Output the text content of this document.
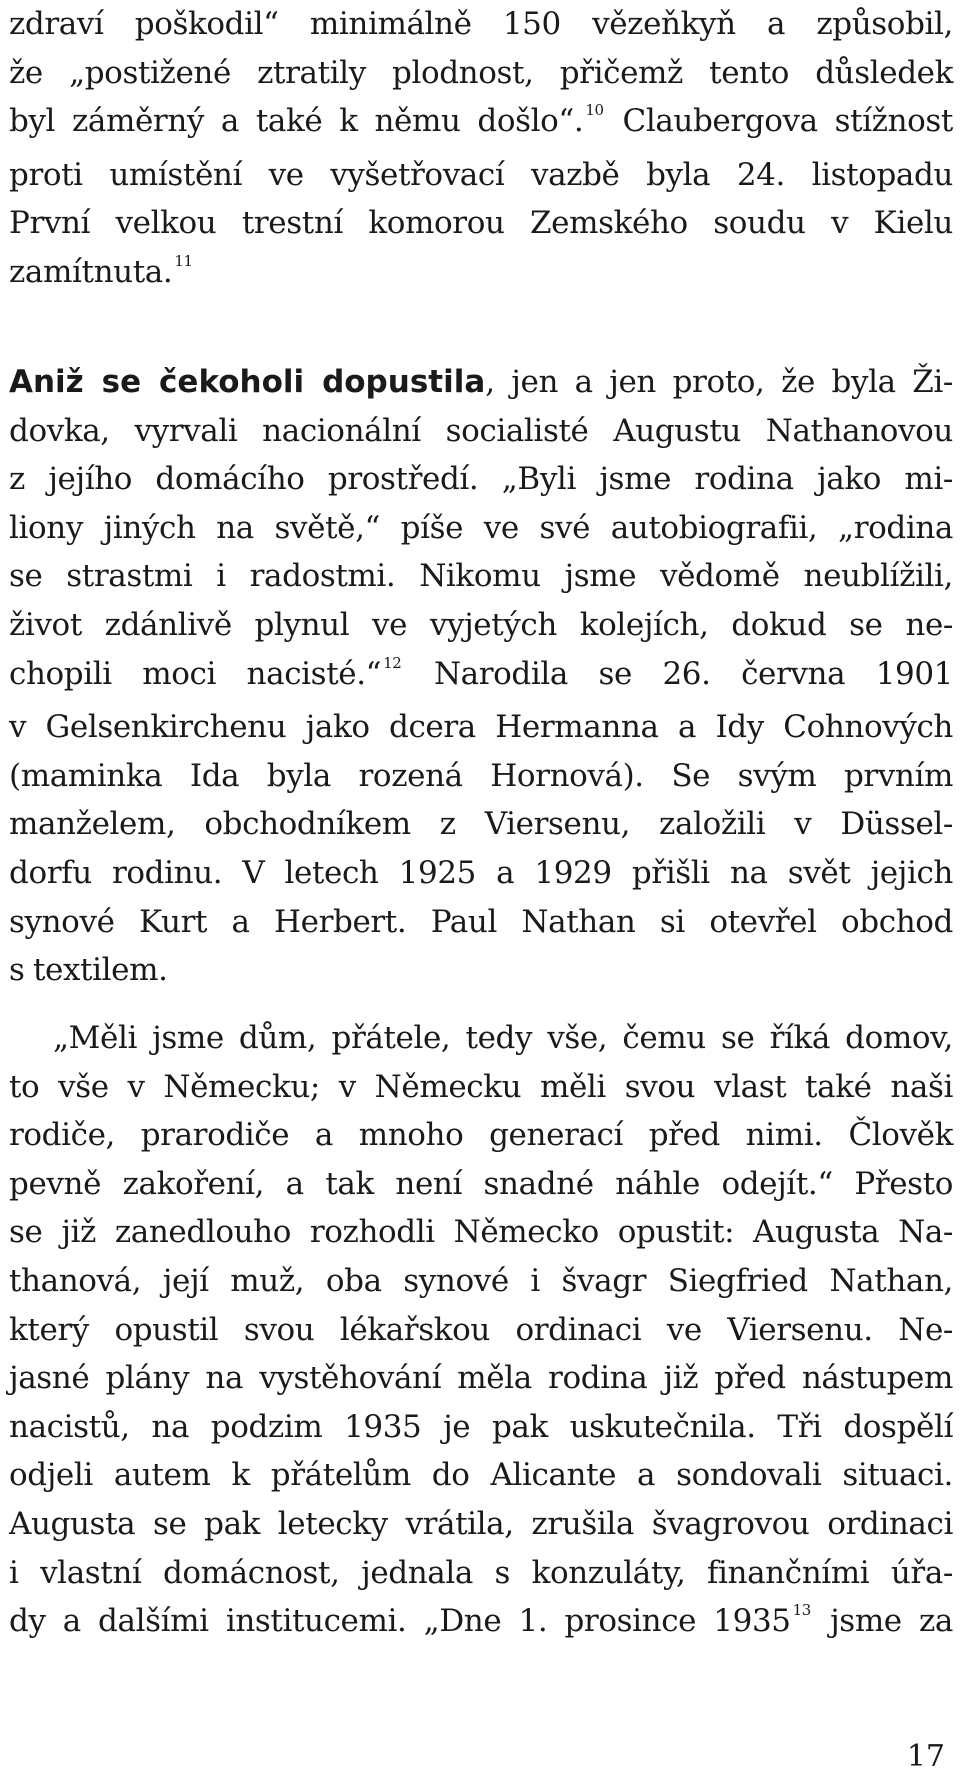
zdraví poškodil“ minimálně 150 vězeňkyň a způsobil,
že „postižené ztratily plodnost, přičemž tento důsledek
byl záměrný a také k němu došlo“. $^{10}$ Claubergova stížnost
proti umístění ve vyšetřovací vazbě byla 24. listopadu
První velkou trestní komorou Zemského soudu v Kielu
zamítnuta. $^{11}$

Aniž se čekoholi dopustila, jen a jen proto, že byla Ži-
dovka, vyrvali nacionální socialisté Augustu Nathanovou
z jejího domácího prostředí. „Byli jsme rodina jako mi-
liony jiných na světě,“ píše ve své autobiografii, „rodina
se strastmi i radostmi. Nikomu jsme vědomě neublížili,
život zdánlivě plynul ve vyjetých kolejích, dokud se ne-
chopili moci nacisté.“ $^{12}$ Narodila se 26. června 1901
v Gelsenkirchenu jako dcera Hermanna a Idy Cohnových
(maminka Ida byla rozená Hornová). Se svým prvním
manželem, obchodníkem z Viersenu, založili v Düssel-
dorfu rodinu. V letech 1925 a 1929 přišli na svět jejich
synové Kurt a Herbert. Paul Nathan si otevřel obchod
s textilem.

„Měli jsme dům, přátele, tedy vše, čemu se říká domov,
to vše v Německu; v Německu měli svou vlast také naši
rodiče, prarodiče a mnoho generací před nimi. Člověk
pevně zakoření, a tak není snadné náhle odejít.“ Přesto
se již zanedlouho rozhodli Německo opustit: Augusta Na-
thanová, její muž, oba synové i švagr Siegfried Nathan,
který opustil svou lékařskou ordinaci ve Viersenu. Ne-
jasné plány na vystěhování měla rodina již před nástupem
nacistů, na podzim 1935 je pak uskutečnila. Tři dospělí
odjeli autem k přátelům do Alicante a sondovali situaci.
Augusta se pak letecky vrátila, zrušila švagrovou ordinaci
i vlastní domácnost, jednala s konzuláty, finančními úřa-
dy a dalšími institucemi. „Dne 1. prosince 1935 $^{13}$ jsme za

17
